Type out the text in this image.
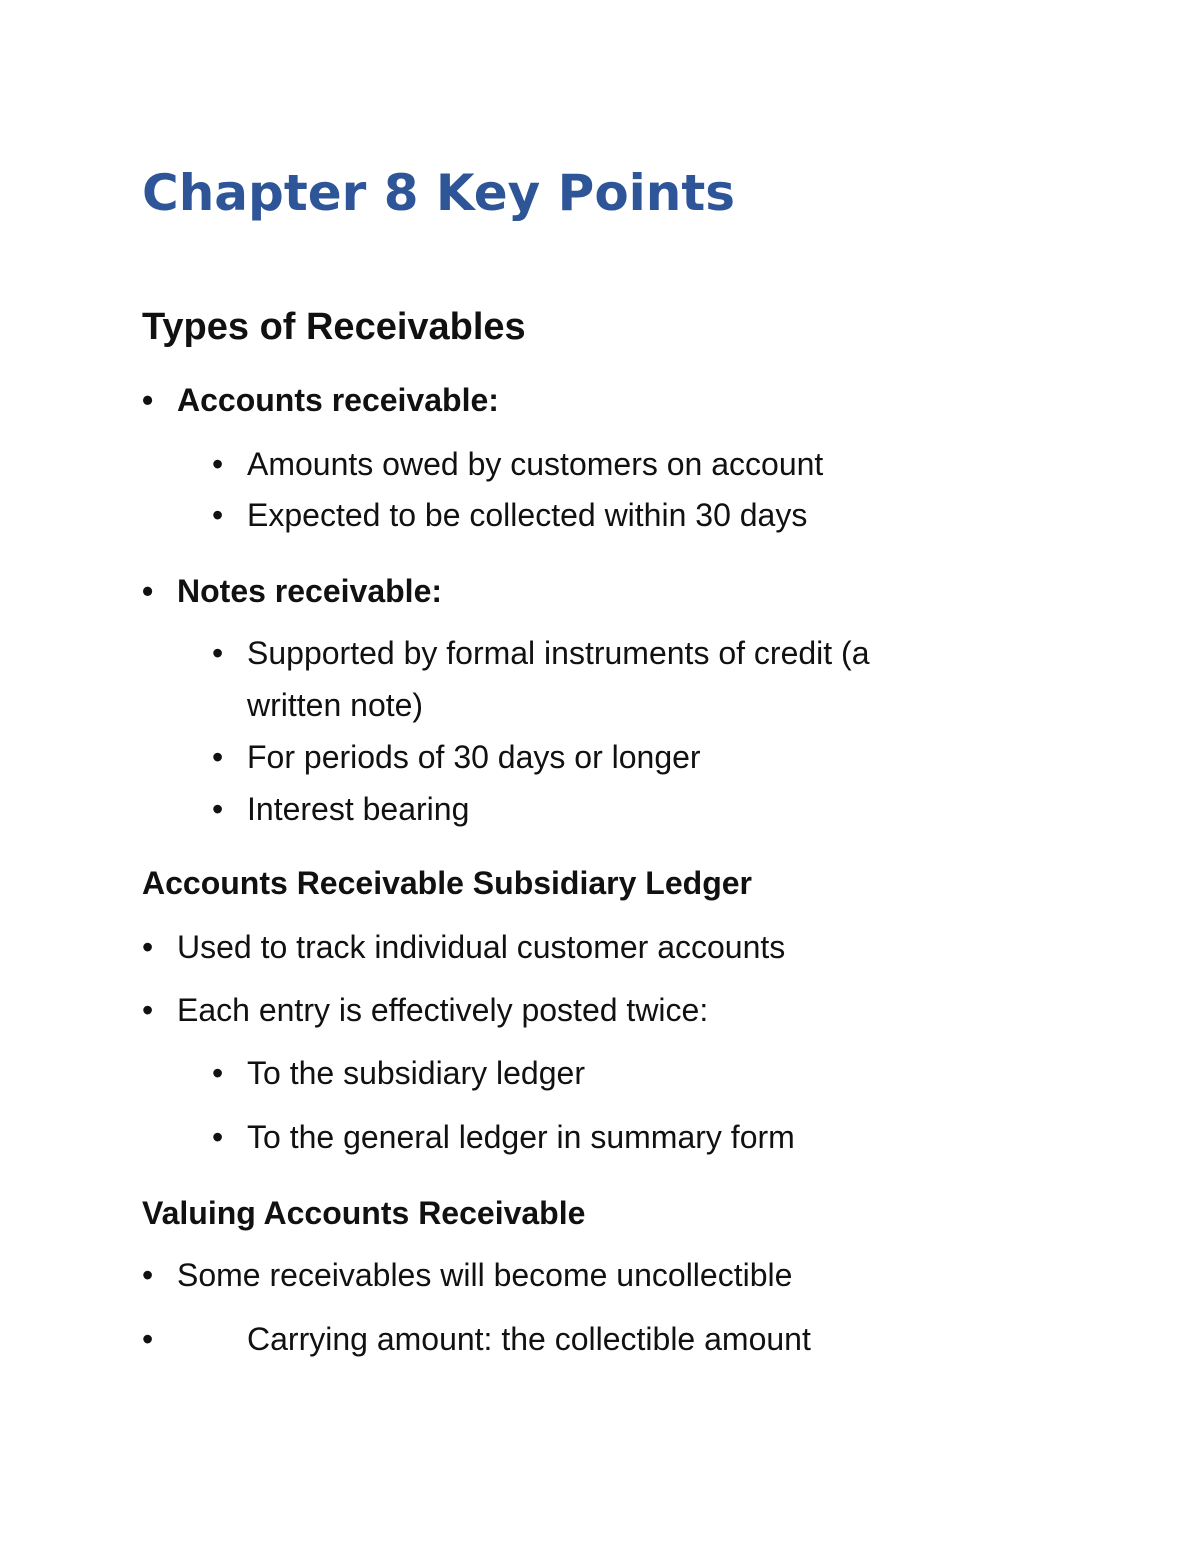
Chapter 8 Key Points
Types of Receivables
• Accounts receivable:
• Amounts owed by customers on account
• Expected to be collected within 30 days
• Notes receivable:
• Supported by formal instruments of credit (a
written note)
• For periods of 30 days or longer
• Interest bearing
Accounts Receivable Subsidiary Ledger
• Used to track individual customer accounts
• Each entry is effectively posted twice:
• To the subsidiary ledger
• To the general ledger in summary form
Valuing Accounts Receivable
• Some receivables will become uncollectible
•	Carrying amount: the collectible amount
